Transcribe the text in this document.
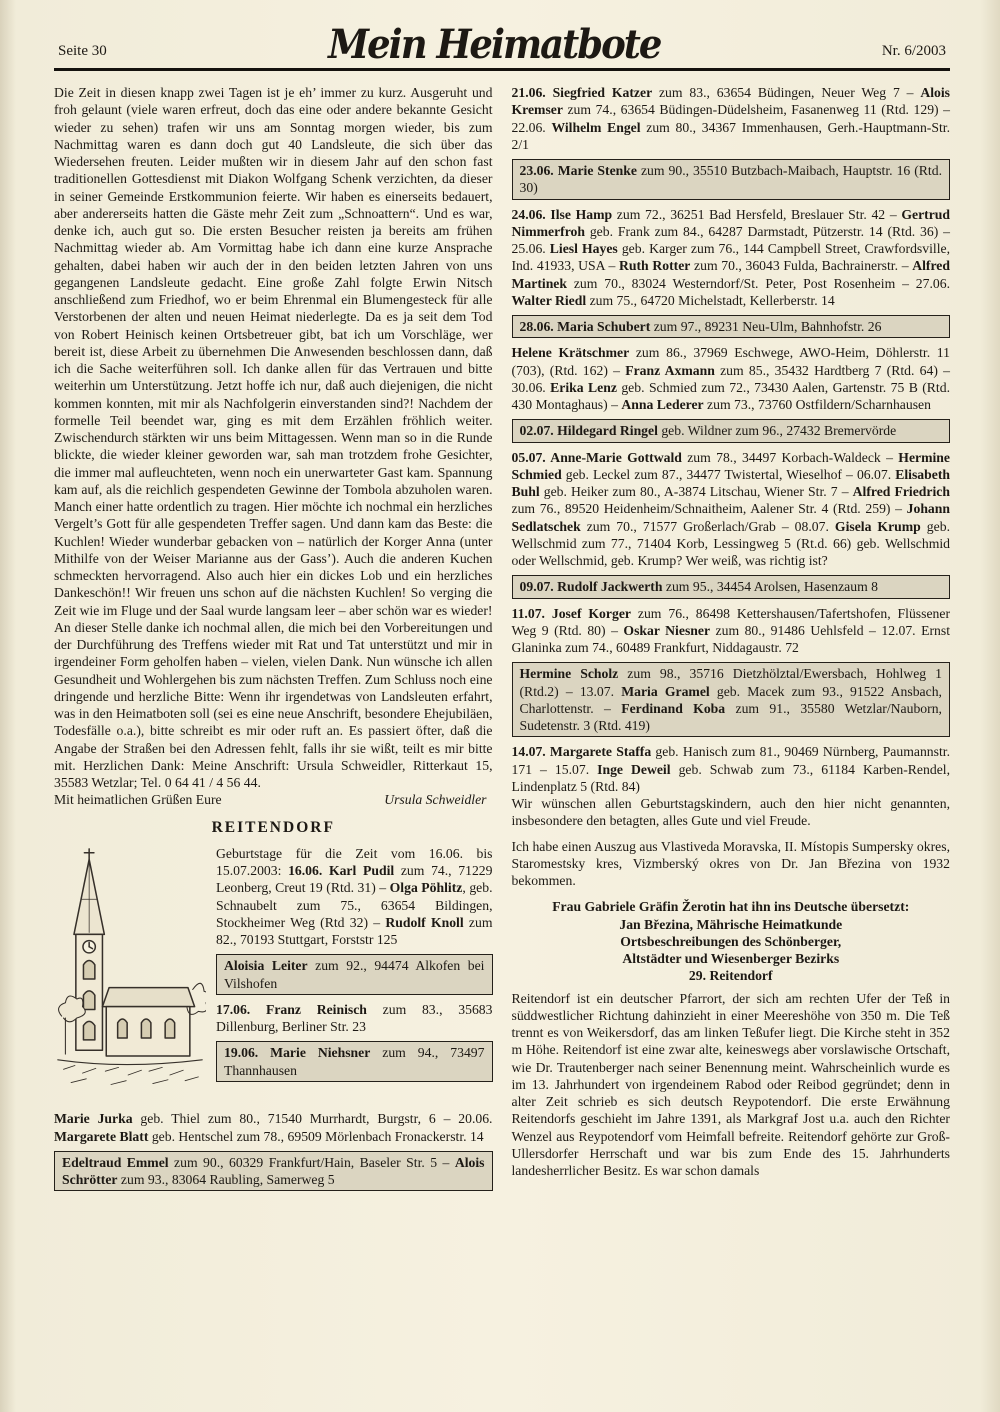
Seite 30	Mein Heimatbote	Nr. 6/2003

Die Zeit in diesen knapp zwei Tagen ist je eh’ immer zu kurz. Ausgeruht und froh gelaunt (viele waren erfreut, doch das eine oder andere bekannte Gesicht wieder zu sehen) trafen wir uns am Sonntag morgen wieder, bis zum Nachmittag waren es dann doch gut 40 Landsleute, die sich über das Wiedersehen freuten. Leider mußten wir in diesem Jahr auf den schon fast traditionellen Gottesdienst mit Diakon Wolfgang Schenk verzichten, da dieser in seiner Gemeinde Erstkommunion feierte. Wir haben es einerseits bedauert, aber andererseits hatten die Gäste mehr Zeit zum „Schnoattern“. Und es war, denke ich, auch gut so. Die ersten Besucher reisten ja bereits am frühen Nachmittag wieder ab. Am Vormittag habe ich dann eine kurze Ansprache gehalten, dabei haben wir auch der in den beiden letzten Jahren von uns gegangenen Landsleute gedacht. Eine große Zahl folgte Erwin Nitsch anschließend zum Friedhof, wo er beim Ehrenmal ein Blumengesteck für alle Verstorbenen der alten und neuen Heimat niederlegte. Da es ja seit dem Tod von Robert Heinisch keinen Ortsbetreuer gibt, bat ich um Vorschläge, wer bereit ist, diese Arbeit zu übernehmen Die Anwesenden beschlossen dann, daß ich die Sache weiterführen soll. Ich danke allen für das Vertrauen und bitte weiterhin um Unterstützung. Jetzt hoffe ich nur, daß auch diejenigen, die nicht kommen konnten, mit mir als Nachfolgerin einverstanden sind?! Nachdem der formelle Teil beendet war, ging es mit dem Erzählen fröhlich weiter. Zwischendurch stärkten wir uns beim Mittagessen. Wenn man so in die Runde blickte, die wieder kleiner geworden war, sah man trotzdem frohe Gesichter, die immer mal aufleuchteten, wenn noch ein unerwarteter Gast kam. Spannung kam auf, als die reichlich gespendeten Gewinne der Tombola abzuholen waren. Manch einer hatte ordentlich zu tragen. Hier möchte ich nochmal ein herzliches Vergelt’s Gott für alle gespendeten Treffer sagen. Und dann kam das Beste: die Kuchlen! Wieder wunderbar gebacken von – natürlich der Korger Anna (unter Mithilfe von der Weiser Marianne aus der Gass’). Auch die anderen Kuchen schmeckten hervorragend. Also auch hier ein dickes Lob und ein herzliches Dankeschön!! Wir freuen uns schon auf die nächsten Kuchlen! So verging die Zeit wie im Fluge und der Saal wurde langsam leer – aber schön war es wieder! An dieser Stelle danke ich nochmal allen, die mich bei den Vorbereitungen und der Durchführung des Treffens wieder mit Rat und Tat unterstützt und mir in irgendeiner Form geholfen haben – vielen, vielen Dank. Nun wünsche ich allen Gesundheit und Wohlergehen bis zum nächsten Treffen. Zum Schluss noch eine dringende und herzliche Bitte: Wenn ihr irgendetwas von Landsleuten erfahrt, was in den Heimatboten soll (sei es eine neue Anschrift, besondere Ehejubiläen, Todesfälle o.a.), bitte schreibt es mir oder ruft an. Es passiert öfter, daß die Angabe der Straßen bei den Adressen fehlt, falls ihr sie wißt, teilt es mir bitte mit. Herzlichen Dank: Meine Anschrift: Ursula Schweidler, Ritterkaut 15, 35583 Wetzlar; Tel. 0 64 41 / 4 56 44.

Mit heimatlichen Grüßen Eure	Ursula Schweidler
REITENDORF

Geburtstage für die Zeit vom 16.06. bis 15.07.2003: 16.06. Karl Pudil zum 74., 71229 Leonberg, Creut 19 (Rtd. 31) – Olga Pöhlitz, geb. Schnaubelt zum 75., 63654 Bildingen, Stockheimer Weg (Rtd 32) – Rudolf Knoll zum 82., 70193 Stuttgart, Forststr 125

Aloisia Leiter zum 92., 94474 Alkofen bei Vilshofen

17.06. Franz Reinisch zum 83., 35683 Dillenburg, Berliner Str. 23

19.06. Marie Niehsner zum 94., 73497 Thannhausen

Marie Jurka geb. Thiel zum 80., 71540 Murrhardt, Burgstr, 6 – 20.06. Margarete Blatt geb. Hentschel zum 78., 69509 Mörlenbach Fronackerstr. 14

Edeltraud Emmel zum 90., 60329 Frankfurt/Hain, Baseler Str. 5 – Alois Schrötter zum 93., 83064 Raubling, Samerweg 5

21.06. Siegfried Katzer zum 83., 63654 Büdingen, Neuer Weg 7 – Alois Kremser zum 74., 63654 Büdingen-Düdelsheim, Fasanenweg 11 (Rtd. 129) – 22.06. Wilhelm Engel zum 80., 34367 Immenhausen, Gerh.-Hauptmann-Str. 2/1

23.06. Marie Stenke zum 90., 35510 Butzbach-Maibach, Hauptstr. 16 (Rtd. 30)

24.06. Ilse Hamp zum 72., 36251 Bad Hersfeld, Breslauer Str. 42 – Gertrud Nimmerfroh geb. Frank zum 84., 64287 Darmstadt, Pützerstr. 14 (Rtd. 36) – 25.06. Liesl Hayes geb. Karger zum 76., 144 Campbell Street, Crawfordsville, Ind. 41933, USA – Ruth Rotter zum 70., 36043 Fulda, Bachrainerstr. – Alfred Martinek zum 70., 83024 Westerndorf/St. Peter, Post Rosenheim – 27.06. Walter Riedl zum 75., 64720 Michelstadt, Kellerberstr. 14

28.06. Maria Schubert zum 97., 89231 Neu-Ulm, Bahnhofstr. 26

Helene Krätschmer zum 86., 37969 Eschwege, AWO-Heim, Döhlerstr. 11 (703), (Rtd. 162) – Franz Axmann zum 85., 35432 Hardtberg 7 (Rtd. 64) – 30.06. Erika Lenz geb. Schmied zum 72., 73430 Aalen, Gartenstr. 75 B (Rtd. 430 Montaghaus) – Anna Lederer zum 73., 73760 Ostfildern/Scharnhausen

02.07. Hildegard Ringel geb. Wildner zum 96., 27432 Bremervörde

05.07. Anne-Marie Gottwald zum 78., 34497 Korbach-Waldeck – Hermine Schmied geb. Leckel zum 87., 34477 Twistertal, Wieselhof – 06.07. Elisabeth Buhl geb. Heiker zum 80., A-3874 Litschau, Wiener Str. 7 – Alfred Friedrich zum 76., 89520 Heidenheim/Schnaitheim, Aalener Str. 4 (Rtd. 259) – Johann Sedlatschek zum 70., 71577 Großerlach/Grab – 08.07. Gisela Krump geb. Wellschmid zum 77., 71404 Korb, Lessingweg 5 (Rt.d. 66) geb. Wellschmid oder Wellschmid, geb. Krump? Wer weiß, was richtig ist?

09.07. Rudolf Jackwerth zum 95., 34454 Arolsen, Hasenzaum 8

11.07. Josef Korger zum 76., 86498 Kettershausen/Tafertshofen, Flüssener Weg 9 (Rtd. 80) – Oskar Niesner zum 80., 91486 Uehlsfeld – 12.07. Ernst Glaninka zum 74., 60489 Frankfurt, Niddagaustr. 72

Hermine Scholz zum 98., 35716 Dietzhölztal/Ewersbach, Hohlweg 1 (Rtd.2) – 13.07. Maria Gramel geb. Macek zum 93., 91522 Ansbach, Charlottenstr. – Ferdinand Koba zum 91., 35580 Wetzlar/Nauborn, Sudetenstr. 3 (Rtd. 419)

14.07. Margarete Staffa geb. Hanisch zum 81., 90469 Nürnberg, Paumannstr. 171 – 15.07. Inge Deweil geb. Schwab zum 73., 61184 Karben-Rendel, Lindenplatz 5 (Rtd. 84)

Wir wünschen allen Geburtstagskindern, auch den hier nicht genannten, insbesondere den betagten, alles Gute und viel Freude.

Ich habe einen Auszug aus Vlastiveda Moravska, II. Místopis Sumpersky okres, Staromestsky kres, Vizmberský okres von Dr. Jan Březina von 1932 bekommen.

Frau Gabriele Gräfin Žerotin hat ihn ins Deutsche übersetzt:

Jan Březina, Mährische Heimatkunde

Ortsbeschreibungen des Schönberger,

Altstädter und Wiesenberger Bezirks

29. Reitendorf

Reitendorf ist ein deutscher Pfarrort, der sich am rechten Ufer der Teß in süddwestlicher Richtung dahinzieht in einer Meereshöhe von 350 m. Die Teß trennt es von Weikersdorf, das am linken Teßufer liegt. Die Kirche steht in 352 m Höhe. Reitendorf ist eine zwar alte, keineswegs aber vorslawische Ortschaft, wie Dr. Trautenberger nach seiner Benennung meint. Wahrscheinlich wurde es im 13. Jahrhundert von irgendeinem Rabod oder Reibod gegründet; denn in alter Zeit schrieb es sich deutsch Reypotendorf. Die erste Erwähnung Reitendorfs geschieht im Jahre 1391, als Markgraf Jost u.a. auch den Richter Wenzel aus Reypotendorf vom Heimfall befreite. Reitendorf gehörte zur Groß-Ullersdorfer Herrschaft und war bis zum Ende des 15. Jahrhunderts landesherrlicher Besitz. Es war schon damals
